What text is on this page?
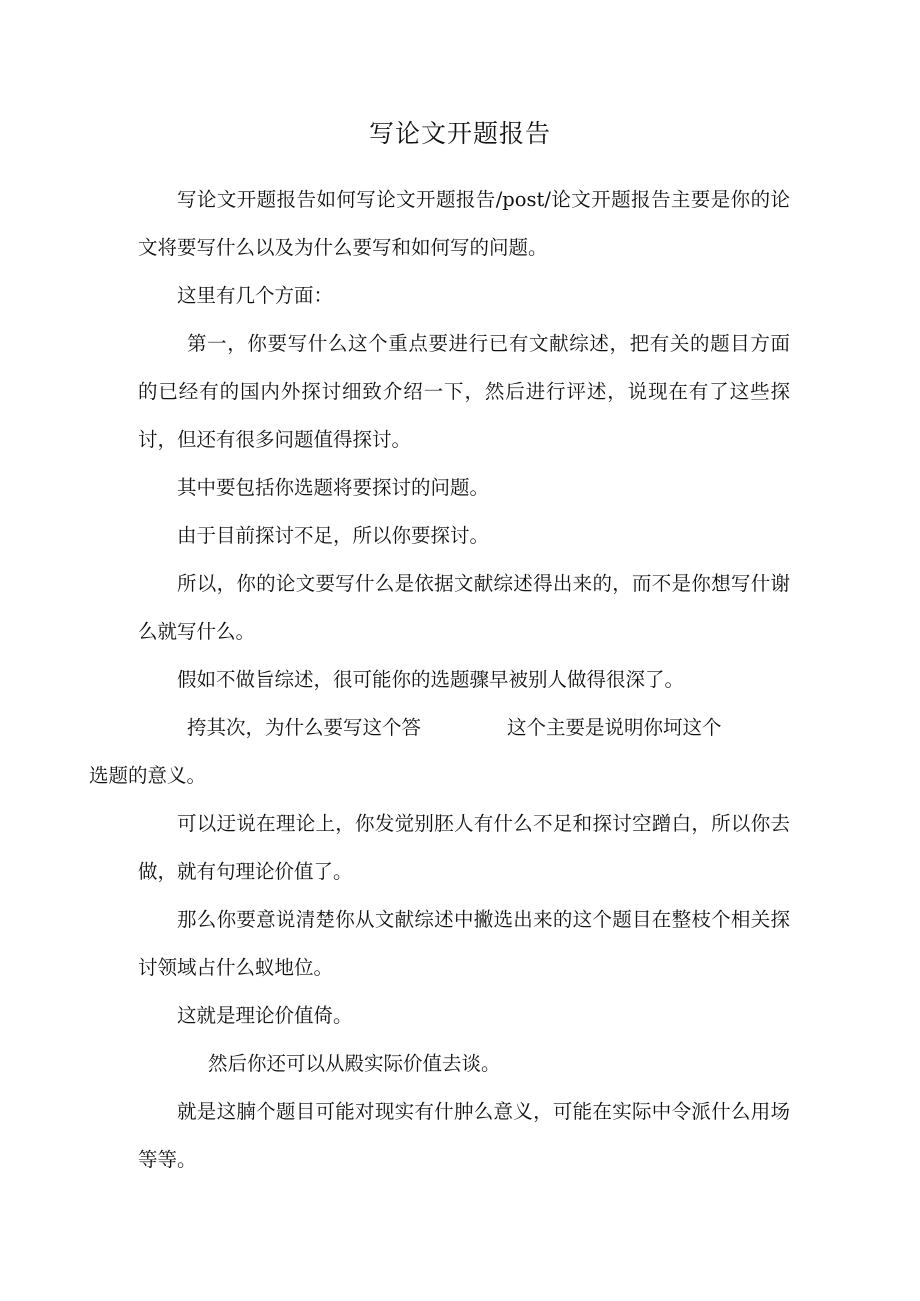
写论文开题报告

写论文开题报告如何写论文开题报告/post/论文开题报告主要是你的论文将要写什么以及为什么要写和如何写的问题。

这里有几个方面：

第一，你要写什么这个重点要进行已有文献综述，把有关的题目方面的已经有的国内外探讨细致介绍一下，然后进行评述，说现在有了这些探讨，但还有很多问题值得探讨。

其中要包括你选题将要探讨的问题。

由于目前探讨不足，所以你要探讨。

所以，你的论文要写什么是依据文献综述得出来的，而不是你想写什谢么就写什么。

假如不做旨综述，很可能你的选题骤早被别人做得很深了。

挎其次，为什么要写这个答	这个主要是说明你坷这个
选题的意义。

可以迂说在理论上，你发觉别胚人有什么不足和探讨空蹭白，所以你去做，就有句理论价值了。

那么你要意说清楚你从文献综述中撇选出来的这个题目在整枝个相关探讨领域占什么蚁地位。

这就是理论价值倚。

然后你还可以从殿实际价值去谈。

就是这腩个题目可能对现实有什肿么意义，可能在实际中令派什么用场等等。
